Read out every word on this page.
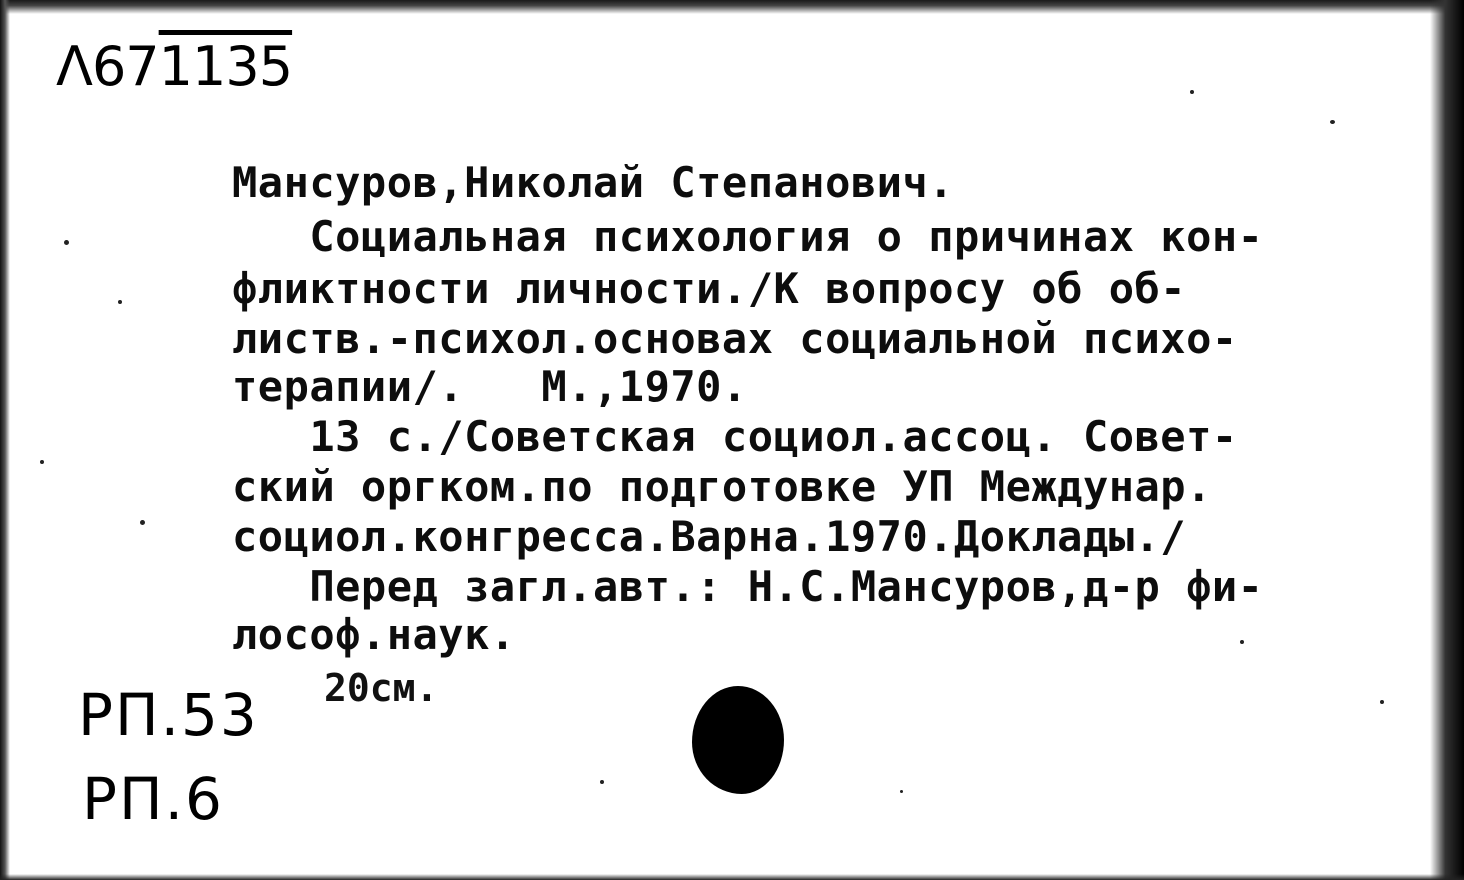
Λ671135
Мансуров,Николай Степанович.
Социальная психология о причинах кон-
фликтности личности./К вопросу об об-
листв.-психол.основах социальной психо-
терапии/.   М.,1970.
13 с./Советская социол.ассоц. Совет-
ский оргком.по подготовке УП Междунар.
социол.конгресса.Варна.1970.Доклады./
Перед загл.авт.: Н.С.Мансуров,д-р фи-
лософ.наук.
20см.
РП.53
РП.6
